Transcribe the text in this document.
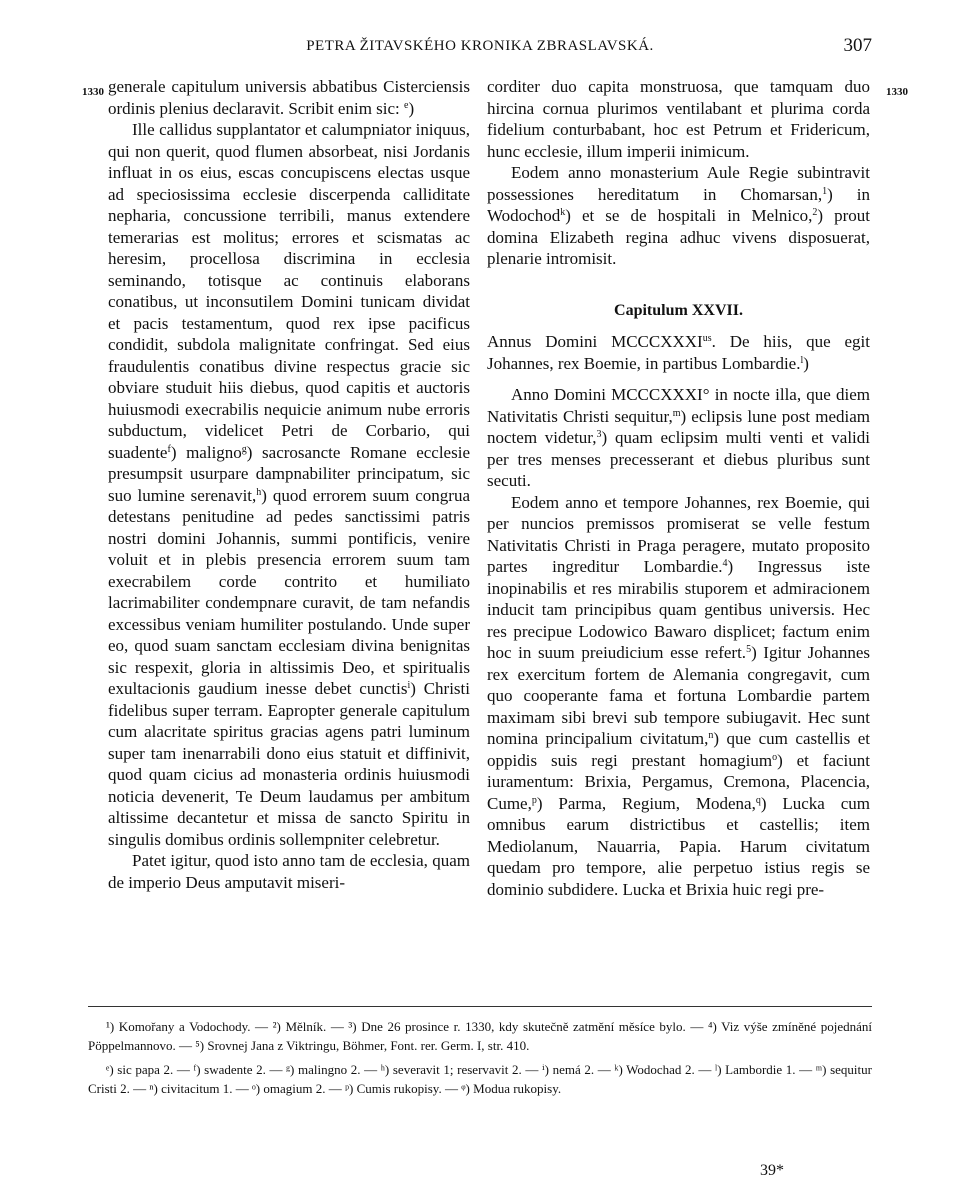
PETRA ŽITAVSKÉHO KRONIKA ZBRASLAVSKÁ.	307
1330	1330

generale capitulum universis abbatibus Cisterciensis ordinis plenius declaravit. Scribit enim sic: $^e$)

Ille callidus supplantator et calumpniator iniquus, qui non querit, quod flumen absorbeat, nisi Jordanis influat in os eius, escas concupiscens electas usque ad speciosissima ecclesie discerpenda calliditate nepharia, concussione terribili, manus extendere temerarias est molitus; errores et scismatas ac heresim, procellosa discrimina in ecclesia seminando, totisque ac continuis elaborans conatibus, ut inconsutilem Domini tunicam dividat et pacis testamentum, quod rex ipse pacificus condidit, subdola malignitate confringat. Sed eius fraudulentis conatibus divine respectus gracie sic obviare studuit hiis diebus, quod capitis et auctoris huiusmodi execrabilis nequicie animum nube erroris subductum, videlicet Petri de Corbario, qui suadente$^f$) maligno$^g$) sacrosancte Romane ecclesie presumpsit usurpare dampnabiliter principatum, sic suo lumine serenavit,$^h$) quod errorem suum congrua detestans penitudine ad pedes sanctissimi patris nostri domini Johannis, summi pontificis, venire voluit et in plebis presencia errorem suum tam execrabilem corde contrito et humiliato lacrimabiliter condempnare curavit, de tam nefandis excessibus veniam humiliter postulando. Unde super eo, quod suam sanctam ecclesiam divina benignitas sic respexit, gloria in altissimis Deo, et spiritualis exultacionis gaudium inesse debet cunctis$^i$) Christi fidelibus super terram. Eapropter generale capitulum cum alacritate spiritus gracias agens patri luminum super tam inenarrabili dono eius statuit et diffinivit, quod quam cicius ad monasteria ordinis huiusmodi noticia devenerit, Te Deum laudamus per ambitum altissime decantetur et missa de sancto Spiritu in singulis domibus ordinis sollempniter celebretur.

Patet igitur, quod isto anno tam de ecclesia, quam de imperio Deus amputavit miseri-

corditer duo capita monstruosa, que tamquam duo hircina cornua plurimos ventilabant et plurima corda fidelium conturbabant, hoc est Petrum et Fridericum, hunc ecclesie, illum imperii inimicum.

Eodem anno monasterium Aule Regie subintravit possessiones hereditatum in Chomarsan,$^1$) in Wodochod$^k$) et se de hospitali in Melnico,$^2$) prout domina Elizabeth regina adhuc vivens disposuerat, plenarie intromisit.

Capitulum XXVII.

Annus Domini $MCCCXXXI^{us}$. De hiis, que egit Johannes, rex Boemie, in partibus Lombardie.$^l$)

Anno Domini MCCCXXXI° in nocte illa, que diem Nativitatis Christi sequitur,$^m$) eclipsis lune post mediam noctem videtur,$^3$) quam eclipsim multi venti et validi per tres menses precesserant et diebus pluribus sunt secuti.

Eodem anno et tempore Johannes, rex Boemie, qui per nuncios premissos promiserat se velle festum Nativitatis Christi in Praga peragere, mutato proposito partes ingreditur Lombardie.$^4$) Ingressus iste inopinabilis et res mirabilis stuporem et admiracionem inducit tam principibus quam gentibus universis. Hec res precipue Lodowico Bawaro displicet; factum enim hoc in suum preiudicium esse refert.$^5$) Igitur Johannes rex exercitum fortem de Alemania congregavit, cum quo cooperante fama et fortuna Lombardie partem maximam sibi brevi sub tempore subiugavit. Hec sunt nomina principalium civitatum,$^n$) que cum castellis et oppidis suis regi prestant homagium$^o$) et faciunt iuramentum: Brixia, Pergamus, Cremona, Placencia, Cume,$^p$) Parma, Regium, Modena,$^q$) Lucka cum omnibus earum districtibus et castellis; item Mediolanum, Nauarria, Papia. Harum civitatum quedam pro tempore, alie perpetuo istius regis se dominio subdidere. Lucka et Brixia huic regi pre-

¹) Komořany a Vodochody. — ²) Mělník. — ³) Dne 26 prosince r. 1330, kdy skutečně zatmění měsíce bylo. — ⁴) Viz výše zmíněné pojednání Pöppelmannovo. — ⁵) Srovnej Jana z Viktringu, Böhmer, Font. rer. Germ. I, str. 410.

ᵉ) sic papa 2. — ᶠ) swadente 2. — ᵍ) malingno 2. — ʰ) severavit 1; reservavit 2. — ⁱ) nemá 2. — ᵏ) Wodochad 2. — ˡ) Lambordie 1. — ᵐ) sequitur Cristi 2. — ⁿ) civitacitum 1. — ᵒ) omagium 2. — ᵖ) Cumis rukopisy. — ᵠ) Modua rukopisy.

39*
